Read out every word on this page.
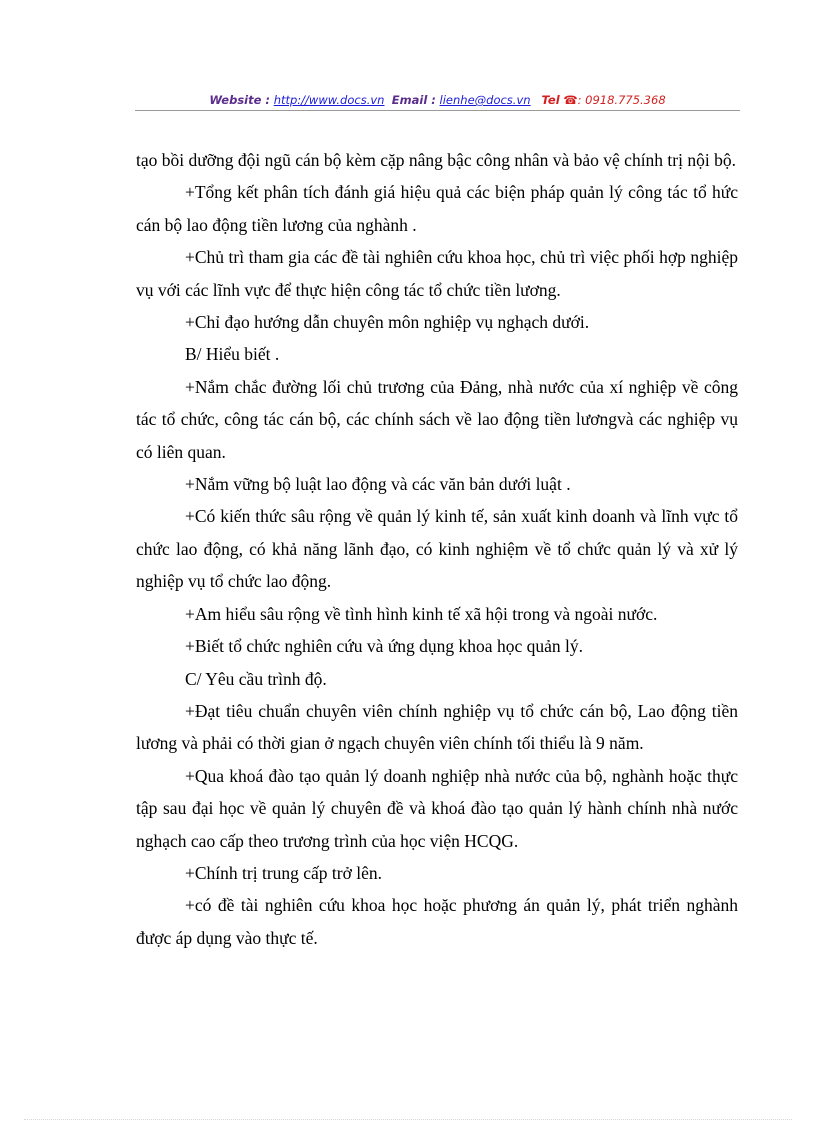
Website : http://www.docs.vn Email : lienhe@docs.vn Tel ☎: 0918.775.368

tạo bồi dưỡng đội ngũ cán bộ kèm cặp nâng bậc công nhân và bảo vệ chính trị nội bộ.

+Tổng kết phân tích đánh giá hiệu quả các biện pháp quản lý công tác tổ hức cán bộ lao động tiền lương của nghành .

+Chủ trì tham gia các đề tài nghiên cứu khoa học, chủ trì việc phối hợp nghiệp vụ với các lĩnh vực để thực hiện công tác tổ chức tiền lương.

+Chỉ đạo hướng dẫn chuyên môn nghiệp vụ nghạch dưới.

B/ Hiểu biết .

+Nắm chắc đường lối chủ trương của Đảng, nhà nước của xí nghiệp về công tác tổ chức, công tác cán bộ, các chính sách về lao động tiền lươngvà các nghiệp vụ có liên quan.

+Nắm vững bộ luật lao động và các văn bản dưới luật .

+Có kiến thức sâu rộng về quản lý kinh tế, sản xuất kinh doanh và lĩnh vực tổ chức lao động, có khả năng lãnh đạo, có kinh nghiệm về tổ chức quản lý và xử lý nghiệp vụ tổ chức lao động.

+Am hiểu sâu rộng về tình hình kinh tế xã hội trong và ngoài nước.

+Biết tổ chức nghiên cứu và ứng dụng khoa học quản lý.

C/ Yêu cầu trình độ.

+Đạt tiêu chuẩn chuyên viên chính nghiệp vụ tổ chức cán bộ, Lao động tiền lương và phải có thời gian ở ngạch chuyên viên chính tối thiểu là 9 năm.

+Qua khoá đào tạo quản lý doanh nghiệp nhà nước của bộ, nghành hoặc thực tập sau đại học về quản lý chuyên đề và khoá đào tạo quản lý hành chính nhà nước nghạch cao cấp theo trương trình của học viện HCQG.

+Chính trị trung cấp trở lên.

+có đề tài nghiên cứu khoa học hoặc phương án quản lý, phát triển nghành được áp dụng vào thực tế.
